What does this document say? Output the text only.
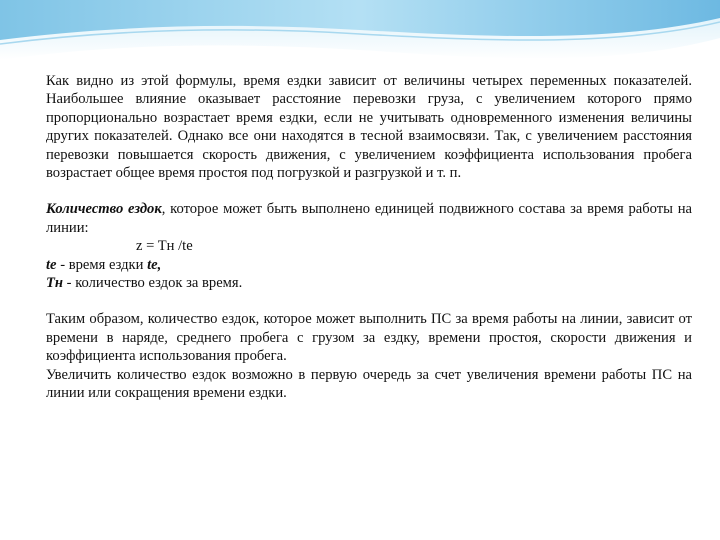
Как видно из этой формулы, время ездки зависит от величины четырех переменных показателей. Наибольшее влияние оказывает расстояние перевозки груза, с увеличением которого прямо пропорционально возрастает время ездки, если не учитывать одновременного изменения величины других показателей. Однако все они находятся в тесной взаимосвязи. Так, с увеличением расстояния перевозки повышается скорость движения, с увеличением коэффициента использования пробега возрастает общее время простоя под погрузкой и разгрузкой и т. п.

Количество ездок, которое может быть выполнено единицей подвижного состава за время работы на линии:

z = Tн /te

te - время ездки te,

Tн - количество ездок за время.

Таким образом, количество ездок, которое может выполнить ПС за время работы на линии, зависит от времени в наряде, среднего пробега с грузом за ездку, времени простоя, скорости движения и коэффициента использования пробега.

Увеличить количество ездок возможно в первую очередь за счет увеличения времени работы ПС на линии или сокращения времени ездки.
